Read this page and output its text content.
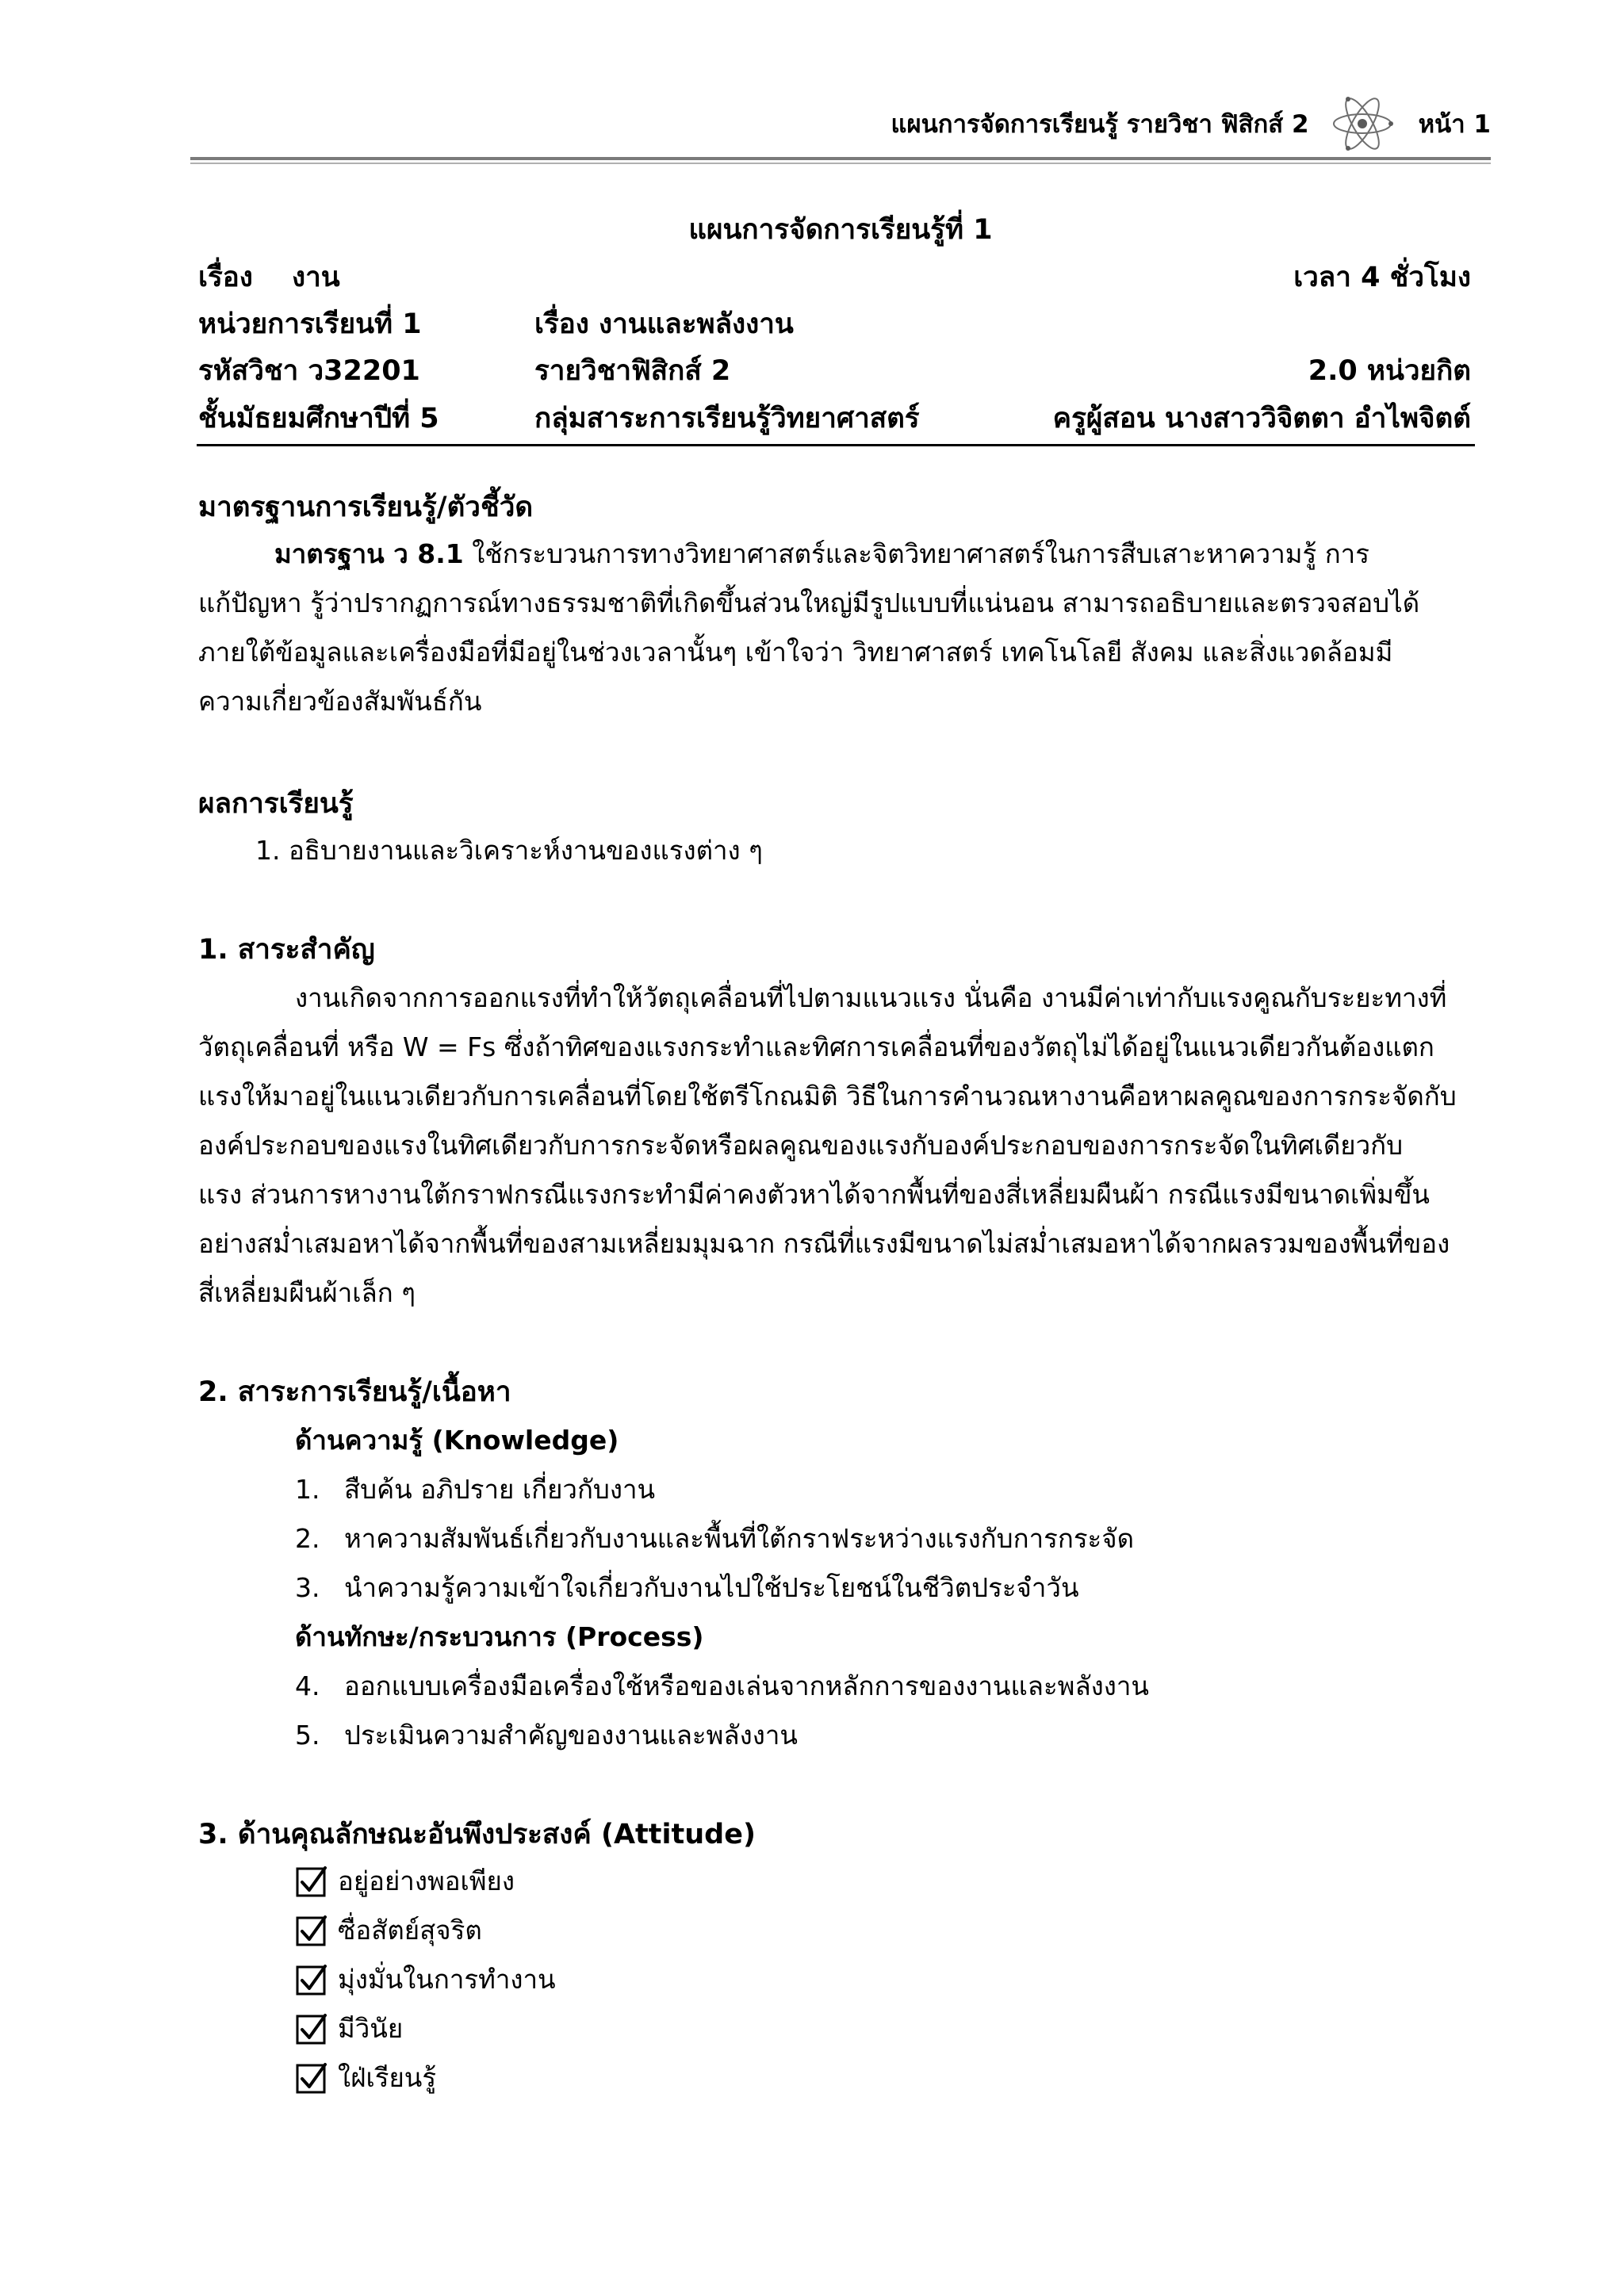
แผนการจัดการเรียนรู้ รายวิชา ฟิสิกส์ 2	หน้า 1
แผนการจัดการเรียนรู้ที่ 1
เรื่อง งาน	เวลา 4 ชั่วโมง
หน่วยการเรียนที่ 1	เรื่อง งานและพลังงาน
รหัสวิชา ว32201	รายวิชาฟิสิกส์ 2	2.0 หน่วยกิต
ชั้นมัธยมศึกษาปีที่ 5	กลุ่มสาระการเรียนรู้วิทยาศาสตร์	ครูผู้สอน นางสาววิจิตตา อำไพจิตต์
มาตรฐานการเรียนรู้/ตัวชี้วัด
มาตรฐาน ว 8.1 ใช้กระบวนการทางวิทยาศาสตร์และจิตวิทยาศาสตร์ในการสืบเสาะหาความรู้ การ
แก้ปัญหา รู้ว่าปรากฏการณ์ทางธรรมชาติที่เกิดขึ้นส่วนใหญ่มีรูปแบบที่แน่นอน สามารถอธิบายและตรวจสอบได้
ภายใต้ข้อมูลและเครื่องมือที่มีอยู่ในช่วงเวลานั้นๆ เข้าใจว่า วิทยาศาสตร์ เทคโนโลยี สังคม และสิ่งแวดล้อมมี
ความเกี่ยวข้องสัมพันธ์กัน
ผลการเรียนรู้
1. อธิบายงานและวิเคราะห์งานของแรงต่าง ๆ
1. สาระสำคัญ
งานเกิดจากการออกแรงที่ทำให้วัตถุเคลื่อนที่ไปตามแนวแรง นั่นคือ งานมีค่าเท่ากับแรงคูณกับระยะทางที่
วัตถุเคลื่อนที่ หรือ W = Fs ซึ่งถ้าทิศของแรงกระทำและทิศการเคลื่อนที่ของวัตถุไม่ได้อยู่ในแนวเดียวกันต้องแตก
แรงให้มาอยู่ในแนวเดียวกับการเคลื่อนที่โดยใช้ตรีโกณมิติ วิธีในการคำนวณหางานคือหาผลคูณของการกระจัดกับ
องค์ประกอบของแรงในทิศเดียวกับการกระจัดหรือผลคูณของแรงกับองค์ประกอบของการกระจัดในทิศเดียวกับ
แรง ส่วนการหางานใต้กราฟกรณีแรงกระทำมีค่าคงตัวหาได้จากพื้นที่ของสี่เหลี่ยมผืนผ้า กรณีแรงมีขนาดเพิ่มขึ้น
อย่างสม่ำเสมอหาได้จากพื้นที่ของสามเหลี่ยมมุมฉาก กรณีที่แรงมีขนาดไม่สม่ำเสมอหาได้จากผลรวมของพื้นที่ของ
สี่เหลี่ยมผืนผ้าเล็ก ๆ
2. สาระการเรียนรู้/เนื้อหา
ด้านความรู้ (Knowledge)
1. สืบค้น อภิปราย เกี่ยวกับงาน
2. หาความสัมพันธ์เกี่ยวกับงานและพื้นที่ใต้กราฟระหว่างแรงกับการกระจัด
3. นำความรู้ความเข้าใจเกี่ยวกับงานไปใช้ประโยชน์ในชีวิตประจำวัน
ด้านทักษะ/กระบวนการ (Process)
4. ออกแบบเครื่องมือเครื่องใช้หรือของเล่นจากหลักการของงานและพลังงาน
5. ประเมินความสำคัญของงานและพลังงาน
3. ด้านคุณลักษณะอันพึงประสงค์ (Attitude)
อยู่อย่างพอเพียง
ซื่อสัตย์สุจริต
มุ่งมั่นในการทำงาน
มีวินัย
ใฝ่เรียนรู้
